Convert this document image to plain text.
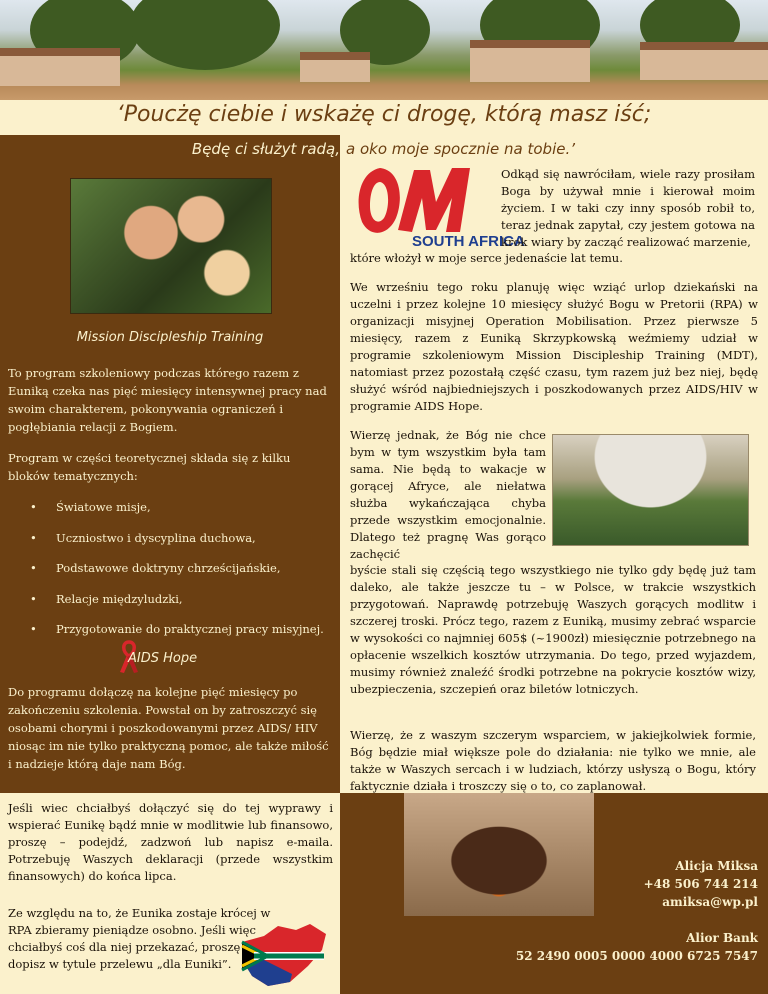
‘Poucżę ciebie i wskażę ci drogę, którą masz iść;
Będę ci służyt radą, a oko moje spocznie na tobie.’
Mission Discipleship Training
To program szkoleniowy podczas którego razem z Euniką czeka nas pięć miesięcy intensywnej pracy nad swoim charakterem, pokonywania ograniczeń i pogłębiania relacji z Bogiem.
Program w części teoretycznej składa się z kilku bloków tematycznych:
• Światowe misje,
• Uczniostwo i dyscyplina duchowa,
• Podstawowe doktryny chrześcijańskie,
• Relacje międzyludzki,
• Przygotowanie do praktycznej pracy misyjnej.
AIDS Hope
Do programu dołączę na kolejne pięć miesięcy po zakończeniu szkolenia. Powstał on by zatroszczyć się osobami chorymi i poszkodowanymi przez AIDS/ HIV niosąc im nie tylko praktyczną pomoc, ale także miłość i nadzieje którą daje nam Bóg.
SOUTH AFRICA
Odkąd się nawróciłam, wiele razy prosiłam Boga by używał mnie i kierował moim życiem. I w taki czy inny sposób robił to, teraz jednak zapytał, czy jestem gotowa na krok wiary by zacząć realizować marzenie,
które włożył w moje serce jedenaście lat temu.
We wrześniu tego roku planuję więc wziąć urlop dziekański na uczelni i przez kolejne 10 miesięcy służyć Bogu w Pretorii (RPA) w organizacji misyjnej Operation Mobilisation. Przez pierwsze 5 miesięcy, razem z Euniką Skrzypkowską weźmiemy udział w programie szkoleniowym Mission Discipleship Training (MDT), natomiast przez pozostałą część czasu, tym razem już bez niej, będę służyć wśród najbiedniejszych i poszkodowanych przez AIDS/HIV w programie AIDS Hope.
Wierzę jednak, że Bóg nie chce bym w tym wszystkim była tam sama. Nie będą to wakacje w gorącej Afryce, ale niełatwa służba wykańczająca chyba przede wszystkim emocjonalnie. Dlatego też pragnę Was gorąco zachęcić
byście stali się częścią tego wszystkiego nie tylko gdy będę już tam daleko, ale także jeszcze tu – w Polsce, w trakcie wszystkich przygotowań. Naprawdę potrzebuję Waszych gorących modlitw i szczerej troski. Prócz tego, razem z Euniką, musimy zebrać wsparcie w wysokości co najmniej 605$ (~1900zł) miesięcznie potrzebnego na opłacenie wszelkich kosztów utrzymania. Do tego, przed wyjazdem, musimy również znaleźć środki potrzebne na pokrycie kosztów wizy, ubezpieczenia, szczepień oraz biletów lotniczych.
Wierzę, że z waszym szczerym wsparciem, w jakiejkolwiek formie, Bóg będzie miał większe pole do działania: nie tylko we mnie, ale także w Waszych sercach i w ludziach, którzy usłyszą o Bogu, który faktycznie działa i troszczy się o to, co zaplanował.
Jeśli wiec chciałbyś dołączyć się do tej wyprawy i wspierać Eunikę bądź mnie w modlitwie lub finansowo, proszę – podejdź, zadzwoń lub napisz e-maila. Potrzebuję Waszych deklaracji (przede wszystkim finansowych) do końca lipca.
Ze względu na to, że Eunika zostaje krócej w RPA zbieramy pieniądze osobno. Jeśli więc chciałbyś coś dla niej przekazać, proszę dopisz w tytule przelewu „dla Euniki”.
Alicja Miksa
+48 506 744 214
amiksa@wp.pl
Alior Bank
52 2490 0005 0000 4000 6725 7547
